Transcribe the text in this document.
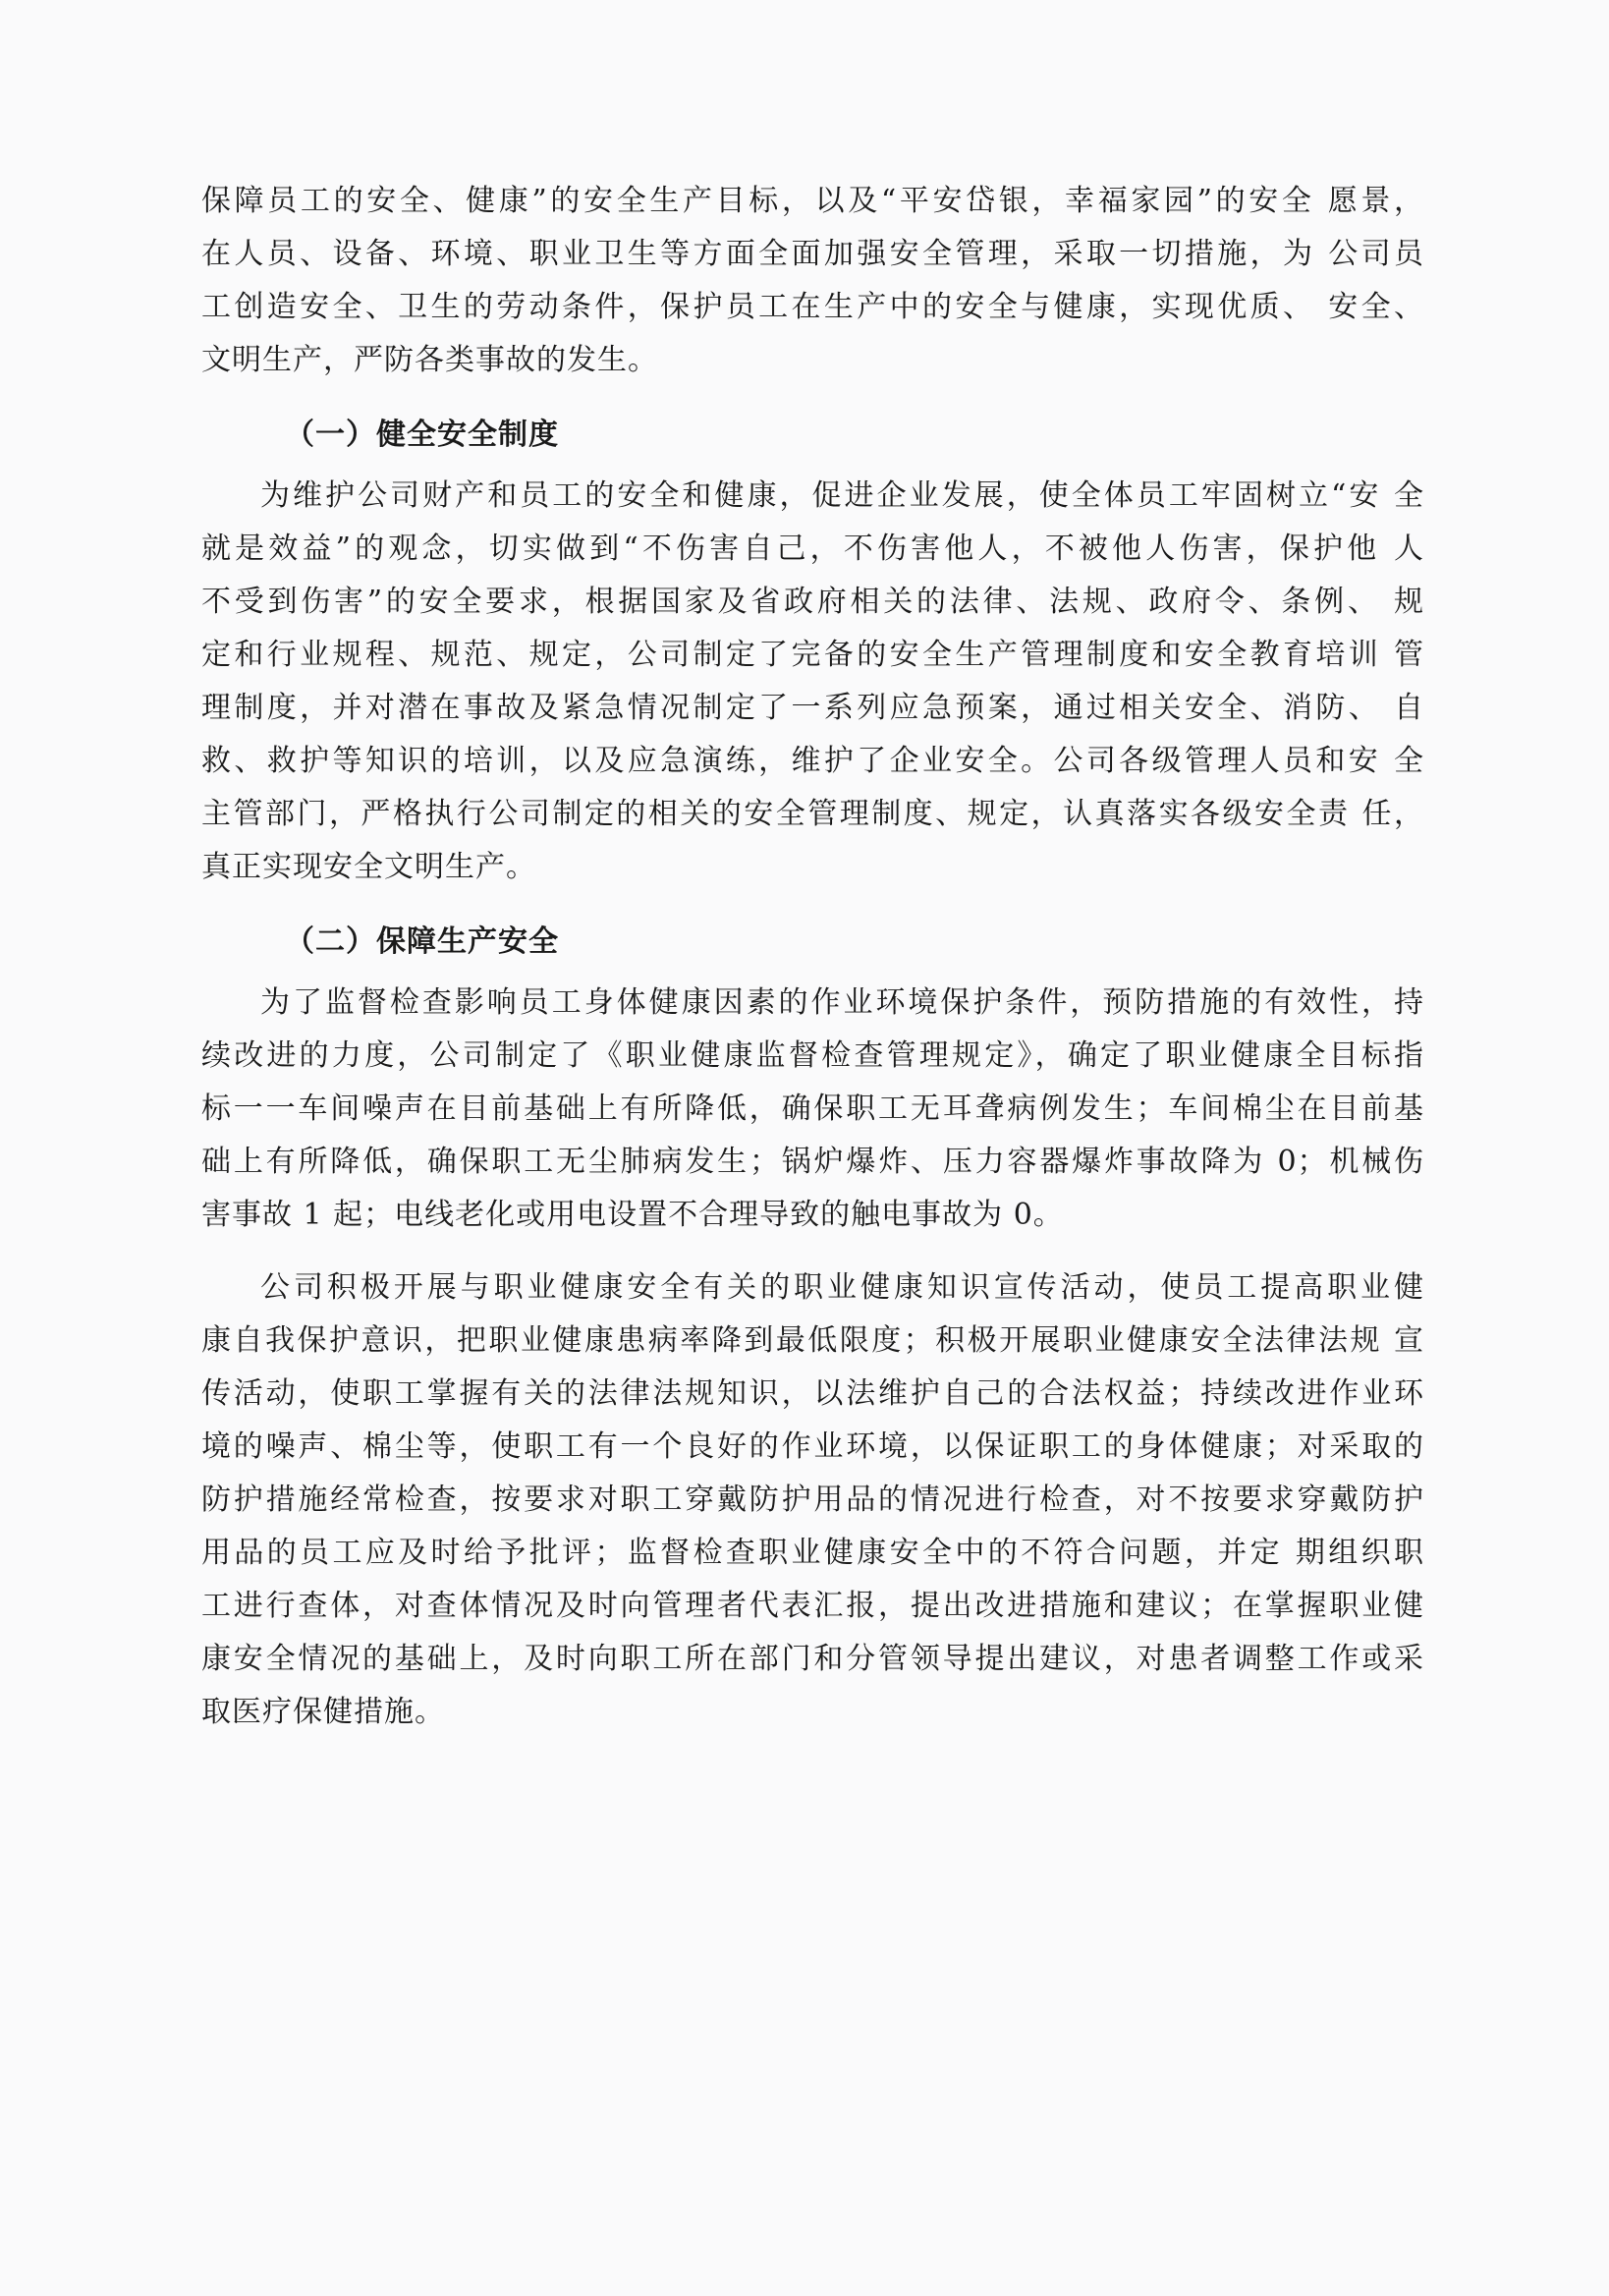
保障员工的安全、健康”的安全生产目标，以及“平安岱银，幸福家园”的安全 愿景，
在人员、设备、环境、职业卫生等方面全面加强安全管理，采取一切措施，为 公司员
工创造安全、卫生的劳动条件，保护员工在生产中的安全与健康，实现优质、 安全、
文明生产，严防各类事故的发生。
（一）健全安全制度
为维护公司财产和员工的安全和健康，促进企业发展，使全体员工牢固树立“安 全
就是效益”的观念，切实做到“不伤害自己，不伤害他人，不被他人伤害，保护他 人
不受到伤害”的安全要求，根据国家及省政府相关的法律、法规、政府令、条例、 规
定和行业规程、规范、规定，公司制定了完备的安全生产管理制度和安全教育培训 管
理制度，并对潜在事故及紧急情况制定了一系列应急预案，通过相关安全、消防、 自
救、救护等知识的培训，以及应急演练，维护了企业安全。公司各级管理人员和安 全
主管部门，严格执行公司制定的相关的安全管理制度、规定，认真落实各级安全责 任，
真正实现安全文明生产。
（二）保障生产安全
为了监督检查影响员工身体健康因素的作业环境保护条件，预防措施的有效性，持
续改进的力度，公司制定了《职业健康监督检查管理规定》，确定了职业健康全目标指
标一一车间噪声在目前基础上有所降低，确保职工无耳聋病例发生；车间棉尘在目前基
础上有所降低，确保职工无尘肺病发生；锅炉爆炸、压力容器爆炸事故降为 0；机械伤
害事故 1 起；电线老化或用电设置不合理导致的触电事故为 0。
公司积极开展与职业健康安全有关的职业健康知识宣传活动，使员工提高职业健
康自我保护意识，把职业健康患病率降到最低限度；积极开展职业健康安全法律法规 宣
传活动，使职工掌握有关的法律法规知识，以法维护自己的合法权益；持续改进作业环
境的噪声、棉尘等，使职工有一个良好的作业环境，以保证职工的身体健康；对采取的
防护措施经常检查，按要求对职工穿戴防护用品的情况进行检查，对不按要求穿戴防护
用品的员工应及时给予批评；监督检查职业健康安全中的不符合问题，并定 期组织职
工进行查体，对查体情况及时向管理者代表汇报，提出改进措施和建议；在掌握职业健
康安全情况的基础上，及时向职工所在部门和分管领导提出建议，对患者调整工作或采
取医疗保健措施。
